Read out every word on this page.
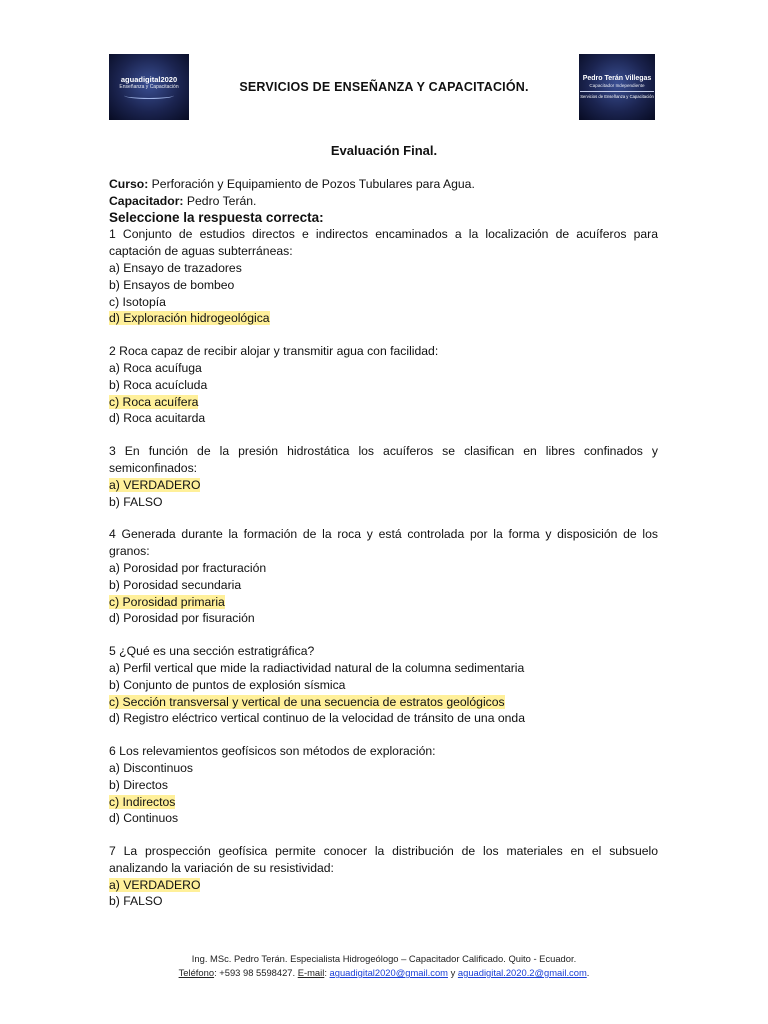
aguadigital2020
Enseñanza y Capacitación	SERVICIOS DE ENSEÑANZA Y CAPACITACIÓN.
Pedro Terán Villegas
Capacitador Independiente
Servicios de Enseñanza y Capacitación
Evaluación Final.

Curso: Perforación y Equipamiento de Pozos Tubulares para Agua.

Capacitador: Pedro Terán.

Seleccione la respuesta correcta:

1 Conjunto de estudios directos e indirectos encaminados a la localización de acuíferos para captación de aguas subterráneas:

a) Ensayo de trazadores

b) Ensayos de bombeo

c) Isotopía

d) Exploración hidrogeológica

2 Roca capaz de recibir alojar y transmitir agua con facilidad:

a) Roca acuífuga

b) Roca acuícluda

c) Roca acuífera

d) Roca acuitarda

3 En función de la presión hidrostática los acuíferos se clasifican en libres confinados y semiconfinados:

a) VERDADERO

b) FALSO

4 Generada durante la formación de la roca y está controlada por la forma y disposición de los granos:

a) Porosidad por fracturación

b) Porosidad secundaria

c) Porosidad primaria

d) Porosidad por fisuración

5 ¿Qué es una sección estratigráfica?

a) Perfil vertical que mide la radiactividad natural de la columna sedimentaria

b) Conjunto de puntos de explosión sísmica

c) Sección transversal y vertical de una secuencia de estratos geológicos

d) Registro eléctrico vertical continuo de la velocidad de tránsito de una onda

6 Los relevamientos geofísicos son métodos de exploración:

a) Discontinuos

b) Directos

c) Indirectos

d) Continuos

7 La prospección geofísica permite conocer la distribución de los materiales en el subsuelo analizando la variación de su resistividad:

a) VERDADERO

b) FALSO

Ing. MSc. Pedro Terán. Especialista Hidrogeólogo – Capacitador Calificado. Quito - Ecuador.
Teléfono: +593 98 5598427. E-mail: aguadigital2020@gmail.com y aguadigital.2020.2@gmail.com.
